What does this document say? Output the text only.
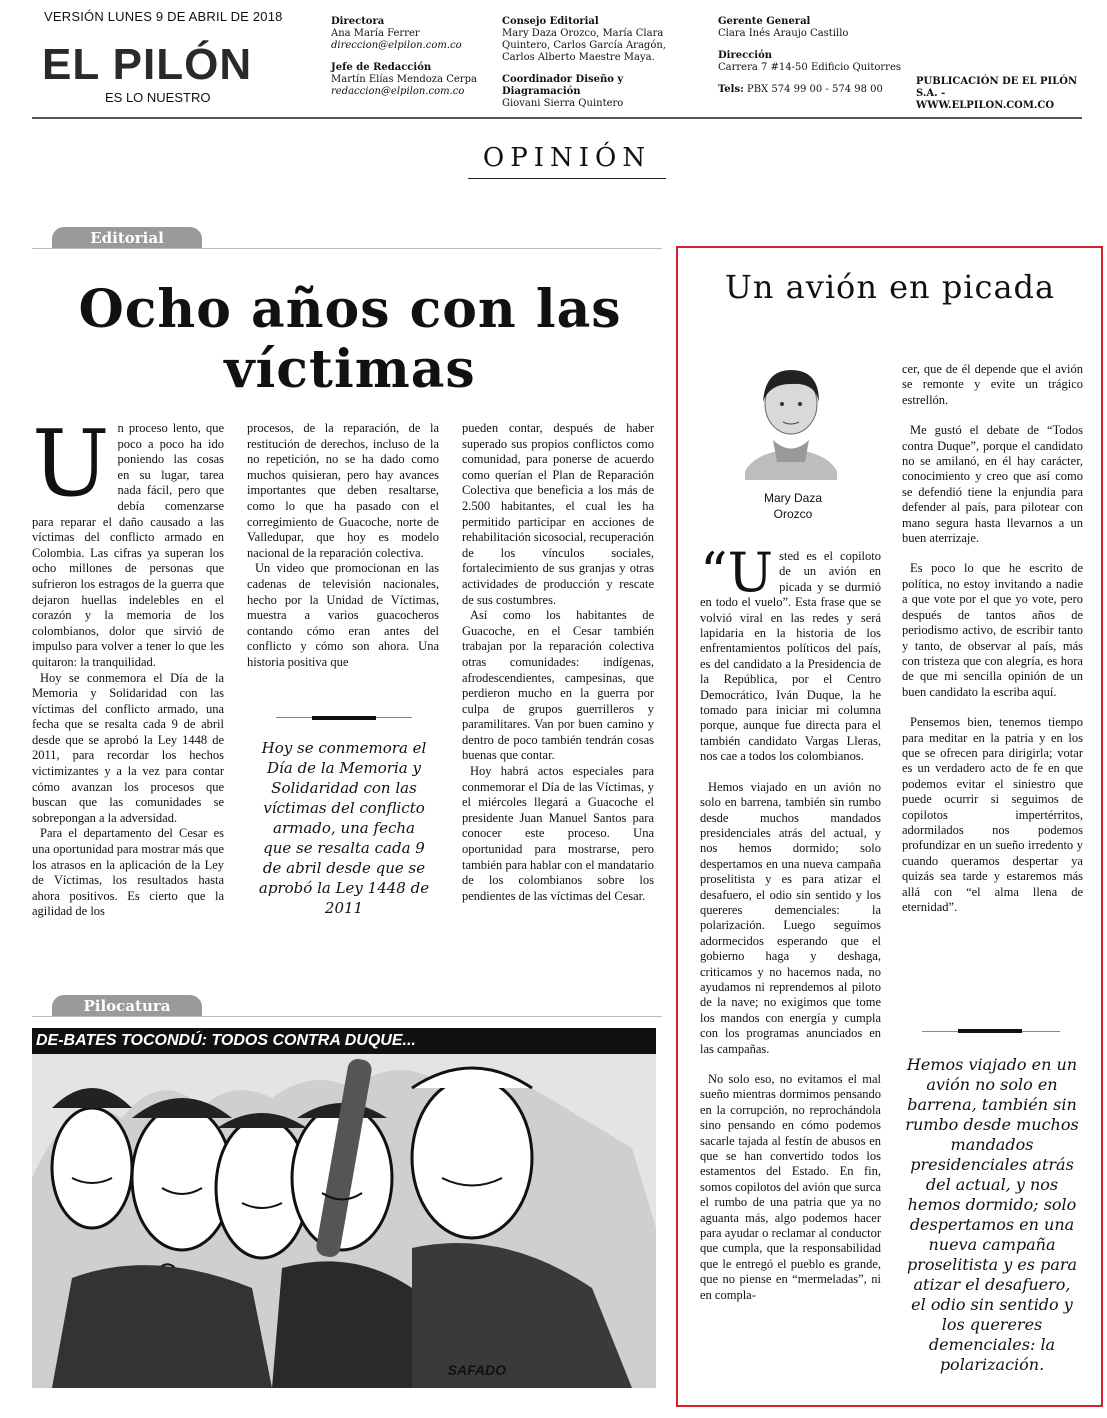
VERSIÓN LUNES 9 DE ABRIL DE 2018
EL PILÓN
ES LO NUESTRO
Directora
Ana María Ferrer
direccion@elpilon.com.co
Jefe de Redacción
Martín Elías Mendoza Cerpa
redaccion@elpilon.com.co
Consejo Editorial
Mary Daza Orozco, María Clara
Quintero, Carlos García Aragón,
Carlos Alberto Maestre Maya.
Coordinador Diseño y Diagramación
Giovani Sierra Quintero
Gerente General
Clara Inés Araujo Castillo
Dirección
Carrera 7 #14-50 Edificio Quitorres
Tels: PBX 574 99 00 - 574 98 00
PUBLICACIÓN DE EL PILÓN S.A. -
WWW.ELPILON.COM.CO
OPINIÓN
Editorial
Ocho años con las víctimas
U n proceso lento, que poco a poco ha ido poniendo las cosas en su lugar, tarea nada fácil, pero que debía comenzarse para reparar el daño causado a las víctimas del conflicto armado en Colombia. Las cifras ya superan los ocho millones de personas que sufrieron los estragos de la guerra que dejaron huellas indelebles en el corazón y la memoria de los colombianos, dolor que sirvió de impulso para volver a tener lo que les quitaron: la tranquilidad.

Hoy se conmemora el Día de la Memoria y Solidaridad con las víctimas del conflicto armado, una fecha que se resalta cada 9 de abril desde que se aprobó la Ley 1448 de 2011, para recordar los hechos victimizantes y a la vez para contar cómo avanzan los procesos que buscan que las comunidades se sobrepongan a la adversidad.

Para el departamento del Cesar es una oportunidad para mostrar más que los atrasos en la aplicación de la Ley de Víctimas, los resultados hasta ahora positivos. Es cierto que la agilidad de los

procesos, de la reparación, de la restitución de derechos, incluso de la no repetición, no se ha dado como muchos quisieran, pero hay avances importantes que deben resaltarse, como lo que ha pasado con el corregimiento de Guacoche, norte de Valledupar, que hoy es modelo nacional de la reparación colectiva.

Un video que promocionan en las cadenas de televisión nacionales, hecho por la Unidad de Víctimas, muestra a varios guacocheros contando cómo eran antes del conflicto y cómo son ahora. Una historia positiva que

Hoy se conmemora el Día de la Memoria y Solidaridad con las víctimas del conflicto armado, una fecha que se resalta cada 9 de abril desde que se aprobó la Ley 1448 de 2011

pueden contar, después de haber superado sus propios conflictos como comunidad, para ponerse de acuerdo como querían el Plan de Reparación Colectiva que beneficia a los más de 2.500 habitantes, el cual les ha permitido participar en acciones de rehabilitación sicosocial, recuperación de los vínculos sociales, fortalecimiento de sus granjas y otras actividades de producción y rescate de sus costumbres.

Así como los habitantes de Guacoche, en el Cesar también trabajan por la reparación colectiva otras comunidades: indígenas, afrodescendientes, campesinas, que perdieron mucho en la guerra por culpa de grupos guerrilleros y paramilitares. Van por buen camino y dentro de poco también tendrán cosas buenas que contar.

Hoy habrá actos especiales para conmemorar el Día de las Víctimas, y el miércoles llegará a Guacoche el presidente Juan Manuel Santos para conocer este proceso. Una oportunidad para mostrarse, pero también para hablar con el mandatario de los colombianos sobre los pendientes de las víctimas del Cesar.

Pilocatura
DE-BATES TOCONDÚ: TODOS CONTRA DUQUE...
SAFADO
Un avión en picada
Mary Daza
Orozco
“U sted es el copiloto de un avión en picada y se durmió en todo el vuelo”. Esta frase que se volvió viral en las redes y será lapidaria en la historia de los enfrentamientos políticos del país, es del candidato a la Presidencia de la República, por el Centro Democrático, Iván Duque, la he tomado para iniciar mi columna porque, aunque fue directa para el también candidato Vargas Lleras, nos cae a todos los colombianos.

Hemos viajado en un avión no solo en barrena, también sin rumbo desde muchos mandados presidenciales atrás del actual, y nos hemos dormido; solo despertamos en una nueva campaña proselitista y es para atizar el desafuero, el odio sin sentido y los quereres demenciales: la polarización. Luego seguimos adormecidos esperando que el gobierno haga y deshaga, criticamos y no hacemos nada, no ayudamos ni reprendemos al piloto de la nave; no exigimos que tome los mandos con energía y cumpla con los programas anunciados en las campañas.

No solo eso, no evitamos el mal sueño mientras dormimos pensando en la corrupción, no reprochándola sino pensando en cómo podemos sacarle tajada al festín de abusos en que se han convertido todos los estamentos del Estado. En fin, somos copilotos del avión que surca el rumbo de una patria que ya no aguanta más, algo podemos hacer para ayudar o reclamar al conductor que cumpla, que la responsabilidad que le entregó el pueblo es grande, que no piense en “mermeladas”, ni en compla-

cer, que de él depende que el avión se remonte y evite un trágico estrellón.

Me gustó el debate de “Todos contra Duque”, porque el candidato no se amilanó, en él hay carácter, conocimiento y creo que así como se defendió tiene la enjundia para defender al país, para pilotear con mano segura hasta llevarnos a un buen aterrizaje.

Es poco lo que he escrito de política, no estoy invitando a nadie a que vote por el que yo vote, pero después de tantos años de periodismo activo, de escribir tanto y tanto, de observar al país, más con tristeza que con alegría, es hora de que mi sencilla opinión de un buen candidato la escriba aquí.

Pensemos bien, tenemos tiempo para meditar en la patria y en los que se ofrecen para dirigirla; votar es un verdadero acto de fe en que podemos evitar el siniestro que puede ocurrir si seguimos de copilotos impertérritos, adormilados nos podemos profundizar en un sueño irredento y cuando queramos despertar ya quizás sea tarde y estaremos más allá con “el alma llena de eternidad”.

Hemos viajado en un avión no solo en barrena, también sin rumbo desde muchos mandados presidenciales atrás del actual, y nos hemos dormido; solo despertamos en una nueva campaña proselitista y es para atizar el desafuero, el odio sin sentido y los quereres demenciales: la polarización.
